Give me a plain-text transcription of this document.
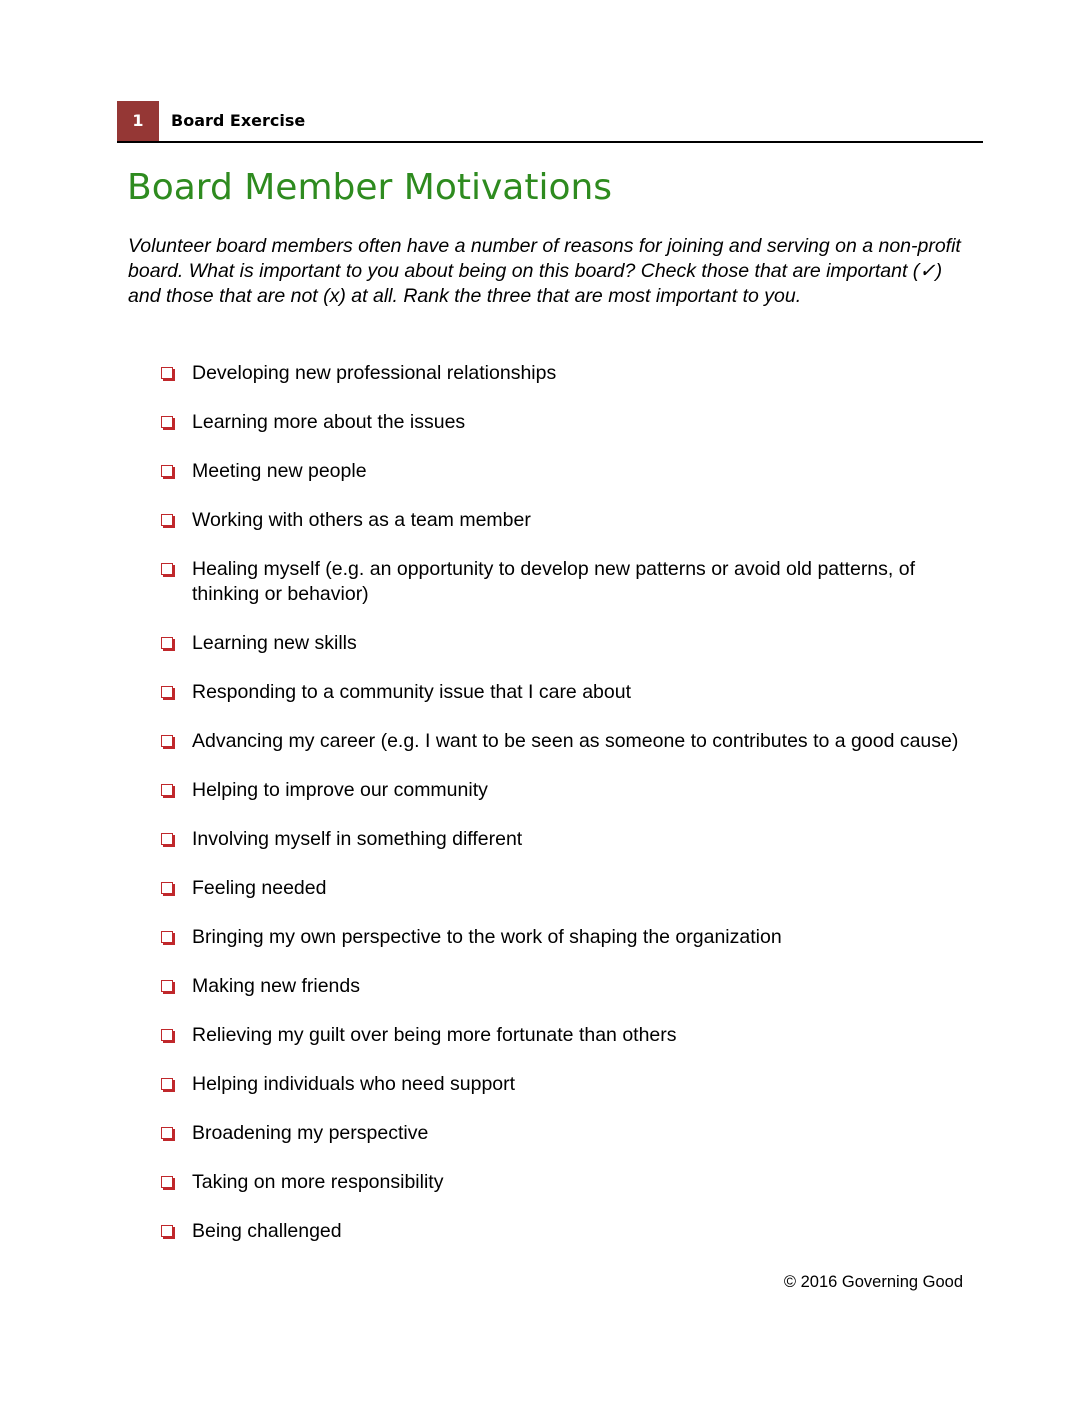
1	Board Exercise
Board Member Motivations

Volunteer board members often have a number of reasons for joining and serving on a non-profit board. What is important to you about being on this board? Check those that are important (✓) and those that are not (x) at all. Rank the three that are most important to you.

Developing new professional relationships
Learning more about the issues
Meeting new people
Working with others as a team member
Healing myself (e.g. an opportunity to develop new patterns or avoid old patterns, of thinking or behavior)
Learning new skills
Responding to a community issue that I care about
Advancing my career (e.g. I want to be seen as someone to contributes to a good cause)
Helping to improve our community
Involving myself in something different
Feeling needed
Bringing my own perspective to the work of shaping the organization
Making new friends
Relieving my guilt over being more fortunate than others
Helping individuals who need support
Broadening my perspective
Taking on more responsibility
Being challenged
© 2016 Governing Good
